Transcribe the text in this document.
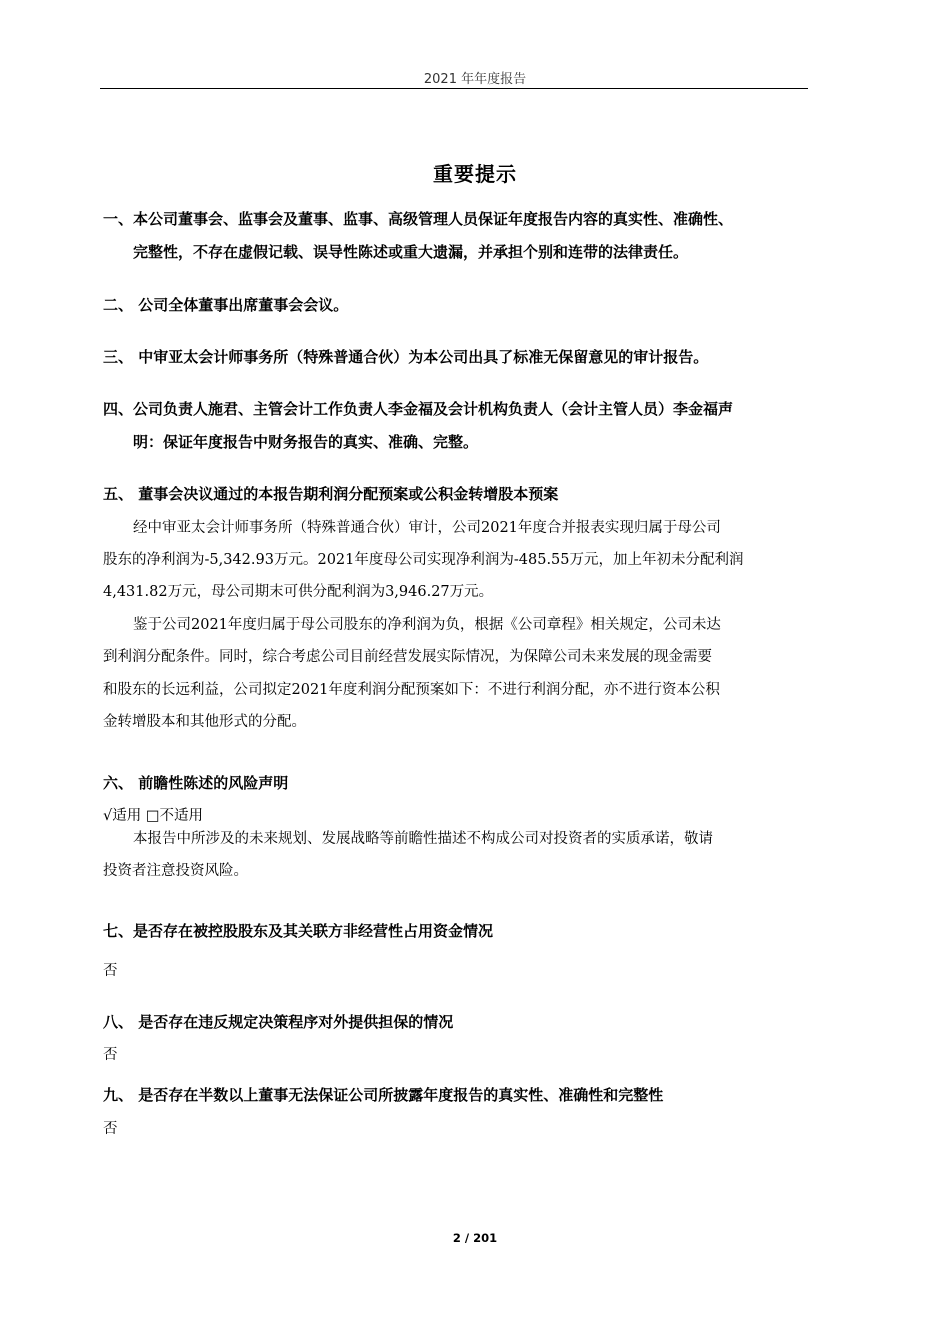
2021 年年度报告
重要提示
一、本公司董事会、监事会及董事、监事、高级管理人员保证年度报告内容的真实性、准确性、
完整性，不存在虚假记载、误导性陈述或重大遗漏，并承担个别和连带的法律责任。
二、 公司全体董事出席董事会会议。
三、 中审亚太会计师事务所（特殊普通合伙）为本公司出具了标准无保留意见的审计报告。
四、公司负责人施君、主管会计工作负责人李金福及会计机构负责人（会计主管人员）李金福声
明：保证年度报告中财务报告的真实、准确、完整。
五、 董事会决议通过的本报告期利润分配预案或公积金转增股本预案
经中审亚太会计师事务所（特殊普通合伙）审计，公司2021年度合并报表实现归属于母公司
股东的净利润为-5,342.93万元。2021年度母公司实现净利润为-485.55万元，加上年初未分配利润
4,431.82万元，母公司期末可供分配利润为3,946.27万元。
鉴于公司2021年度归属于母公司股东的净利润为负，根据《公司章程》相关规定，公司未达
到利润分配条件。同时，综合考虑公司目前经营发展实际情况，为保障公司未来发展的现金需要
和股东的长远利益，公司拟定2021年度利润分配预案如下：不进行利润分配，亦不进行资本公积
金转增股本和其他形式的分配。
六、 前瞻性陈述的风险声明
√适用 □不适用
本报告中所涉及的未来规划、发展战略等前瞻性描述不构成公司对投资者的实质承诺，敬请
投资者注意投资风险。
七、是否存在被控股股东及其关联方非经营性占用资金情况
否
八、 是否存在违反规定决策程序对外提供担保的情况
否
九、 是否存在半数以上董事无法保证公司所披露年度报告的真实性、准确性和完整性
否
2 / 201
